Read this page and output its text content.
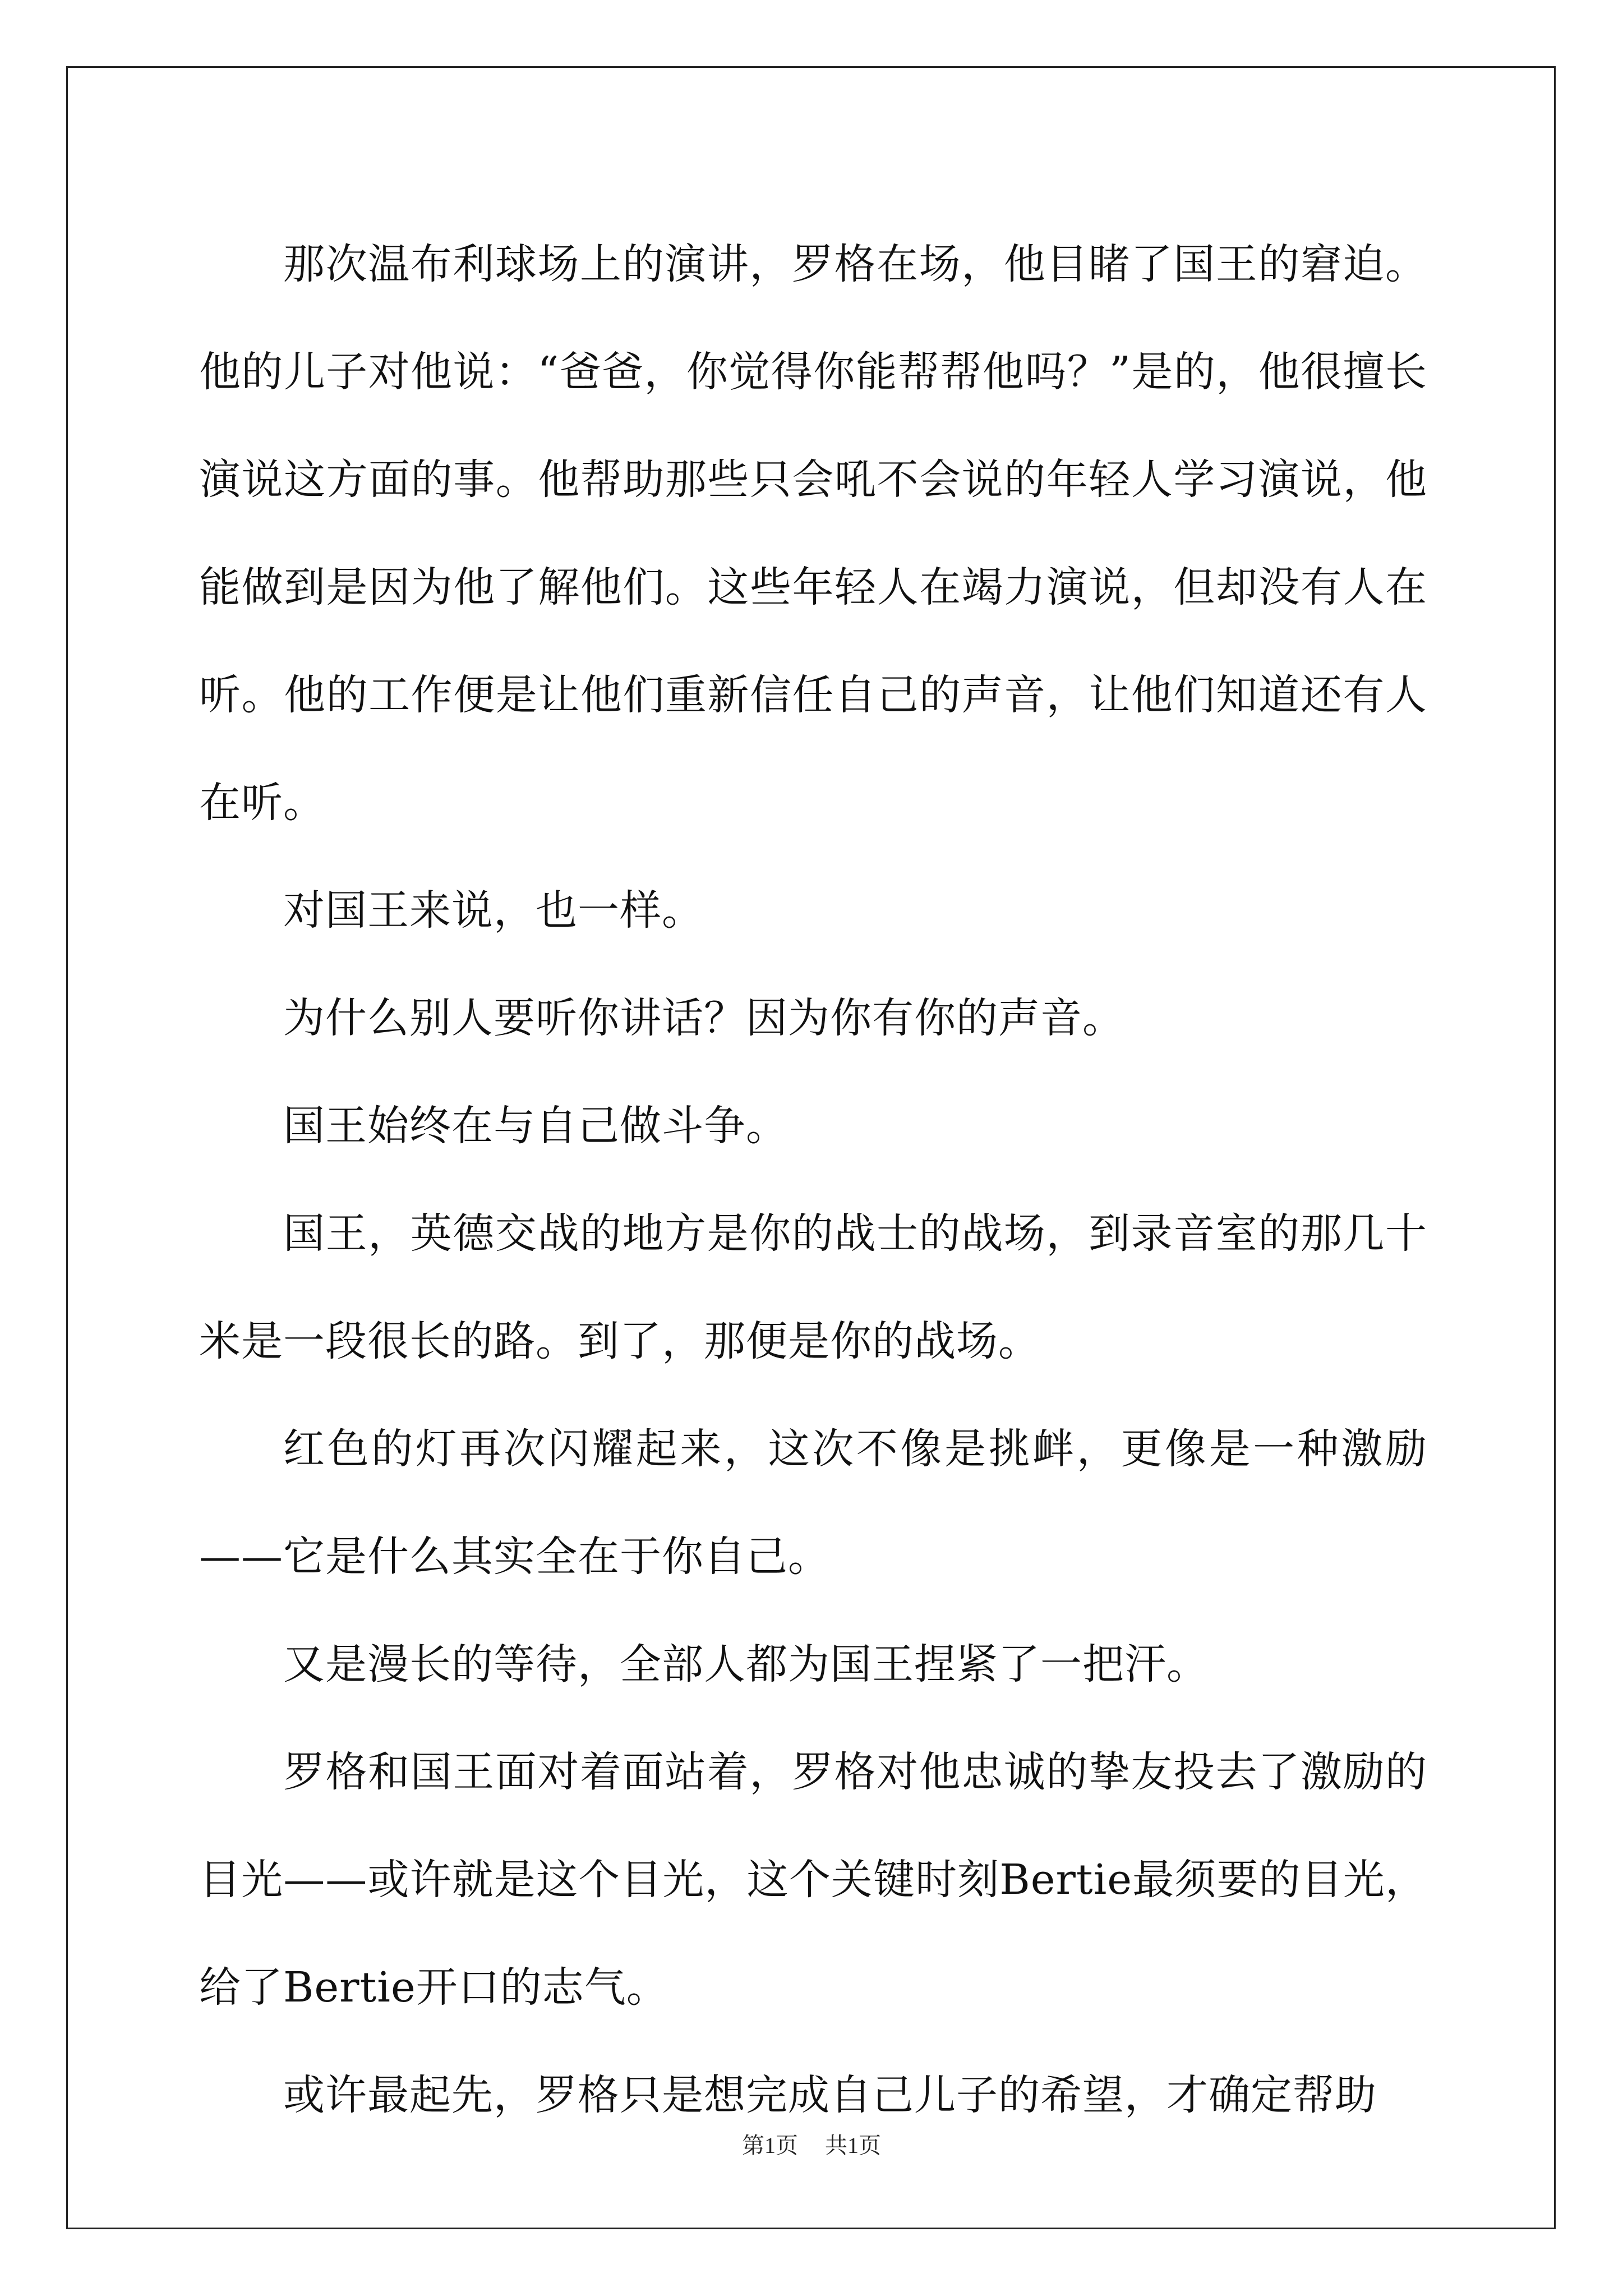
那次温布利球场上的演讲，罗格在场，他目睹了国王的窘迫。他的儿子对他说：“爸爸，你觉得你能帮帮他吗？”是的，他很擅长演说这方面的事。他帮助那些只会吼不会说的年轻人学习演说，他能做到是因为他了解他们。这些年轻人在竭力演说，但却没有人在听。他的工作便是让他们重新信任自己的声音，让他们知道还有人在听。

对国王来说，也一样。

为什么别人要听你讲话？因为你有你的声音。

国王始终在与自己做斗争。

国王，英德交战的地方是你的战士的战场，到录音室的那几十米是一段很长的路。到了，那便是你的战场。

红色的灯再次闪耀起来，这次不像是挑衅，更像是一种激励——它是什么其实全在于你自己。

又是漫长的等待，全部人都为国王捏紧了一把汗。

罗格和国王面对着面站着，罗格对他忠诚的挚友投去了激励的目光——或许就是这个目光，这个关键时刻Bertie最须要的目光，给了Bertie开口的志气。

或许最起先，罗格只是想完成自己儿子的希望，才确定帮助

第1页 共1页
